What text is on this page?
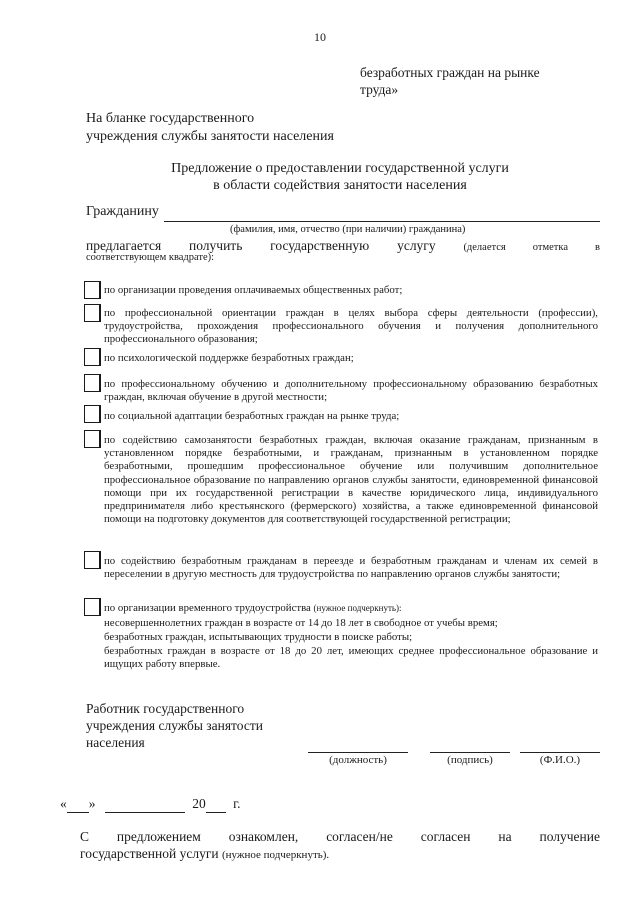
10
безработных граждан на рынке
труда»
На бланке государственного
учреждения службы занятости населения
Предложение о предоставлении государственной услуги
в области содействия занятости населения
Гражданину
(фамилия, имя, отчество (при наличии) гражданина)
предлагается получить государственную услугу	(делается отметка в
соответствующем квадрате):
по организации проведения оплачиваемых общественных работ;
по профессиональной ориентации граждан в целях выбора сферы деятельности (профессии), трудоустройства, прохождения профессионального обучения и получения дополнительного профессионального образования;
по психологической поддержке безработных граждан;
по профессиональному обучению и дополнительному профессиональному образованию безработных граждан, включая обучение в другой местности;
по социальной адаптации безработных граждан на рынке труда;
по содействию самозанятости безработных граждан, включая оказание гражданам, признанным в установленном порядке безработными, и гражданам, признанным в установленном порядке безработными, прошедшим профессиональное обучение или получившим дополнительное профессиональное образование по направлению органов службы занятости, единовременной финансовой помощи при их государственной регистрации в качестве юридического лица, индивидуального предпринимателя либо крестьянского (фермерского) хозяйства, а также единовременной финансовой помощи на подготовку документов для соответствующей государственной регистрации;
по содействию безработным гражданам в переезде и безработным гражданам и членам их семей в переселении в другую местность для трудоустройства по направлению органов службы занятости;
по организации временного трудоустройства (нужное подчеркнуть):
несовершеннолетних граждан в возрасте от 14 до 18 лет в свободное от учебы время;
безработных граждан, испытывающих трудности в поиске работы;
безработных граждан в возрасте от 18 до 20 лет, имеющих среднее профессиональное образование и ищущих работу впервые.
Работник государственного
учреждения службы занятости
населения
(должность)	(подпись)	(Ф.И.О.)
« »	20 г.
С предложением ознакомлен, согласен/не согласен на получение
государственной услуги (нужное подчеркнуть).
